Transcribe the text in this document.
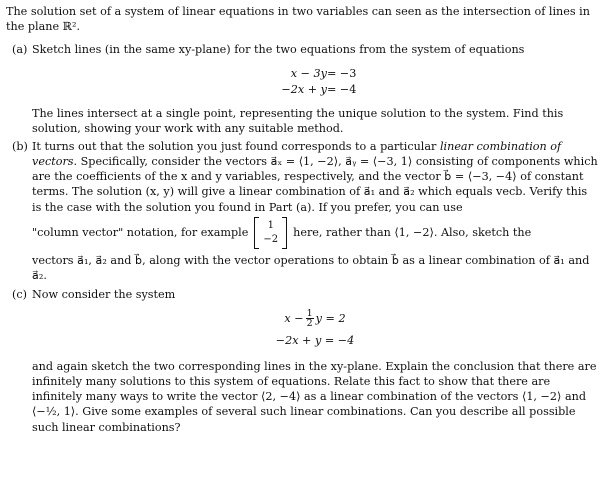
The solution set of a system of linear equations in two variables can seen as the intersection of lines in the plane ℝ².

(a) Sketch lines (in the same xy-plane) for the two equations from the system of equations

x − 3y = −3
−2x + y = −4

The lines intersect at a single point, representing the unique solution to the system. Find this solution, showing your work with any suitable method.

(b) It turns out that the solution you just found corresponds to a particular linear combination of vectors. Specifically, consider the vectors a⃗ₓ = ⟨1, −2⟩, a⃗ᵧ = ⟨−3, 1⟩ consisting of components which are the coefficients of the x and y variables, respectively, and the vector b⃗ = ⟨−3, −4⟩ of constant terms. The solution (x, y) will give a linear combination of a⃗₁ and a⃗₂ which equals vecb. Verify this is the case with the solution you found in Part (a). If you prefer, you can use

"column vector" notation, for example
1
−2
here, rather than ⟨1, −2⟩. Also, sketch the

vectors a⃗₁, a⃗₂ and b⃗, along with the vector operations to obtain b⃗ as a linear combination of a⃗₁ and a⃗₂.

(c) Now consider the system

$x - \frac{1}{2}$ y = 2
−2x + y = −4

and again sketch the two corresponding lines in the xy-plane. Explain the conclusion that there are infinitely many solutions to this system of equations. Relate this fact to show that there are infinitely many ways to write the vector ⟨2, −4⟩ as a linear combination of the vectors ⟨1, −2⟩ and ⟨−½, 1⟩. Give some examples of several such linear combinations. Can you describe all possible such linear combinations?
